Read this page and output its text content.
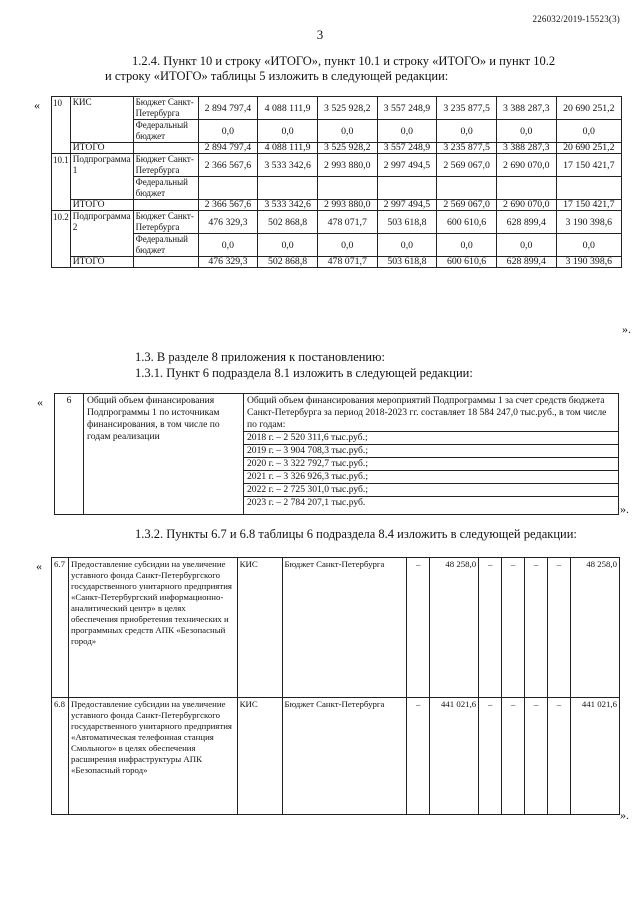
226032/2019-15523(3)
3
1.2.4. Пункт 10 и строку «ИТОГО», пункт 10.1 и строку «ИТОГО» и пункт 10.2
и строку «ИТОГО» таблицы 5 изложить в следующей редакции:
« 10	КИС	Бюджет Санкт-Петербурга	2 894 797,4	4 088 111,9	3 525 928,2	3 557 248,9	3 235 877,5	3 388 287,3	20 690 251,2
		Федеральный бюджет	0,0	0,0	0,0	0,0	0,0	0,0	0,0
	ИТОГО		2 894 797,4	4 088 111,9	3 525 928,2	3 557 248,9	3 235 877,5	3 388 287,3	20 690 251,2
10.1	Подпрограмма 1	Бюджет Санкт-Петербурга	2 366 567,6	3 533 342,6	2 993 880,0	2 997 494,5	2 569 067,0	2 690 070,0	17 150 421,7
		Федеральный бюджет							
	ИТОГО		2 366 567,6	3 533 342,6	2 993 880,0	2 997 494,5	2 569 067,0	2 690 070,0	17 150 421,7
10.2	Подпрограмма 2	Бюджет Санкт-Петербурга	476 329,3	502 868,8	478 071,7	503 618,8	600 610,6	628 899,4	3 190 398,6
		Федеральный бюджет	0,0	0,0	0,0	0,0	0,0	0,0	0,0
	ИТОГО		476 329,3	502 868,8	478 071,7	503 618,8	600 610,6	628 899,4	3 190 398,6
».
1.3. В разделе 8 приложения к постановлению:
1.3.1. Пункт 6 подраздела 8.1 изложить в следующей редакции:
« 6	Общий объем финансирования Подпрограммы 1 по источникам финансирования, в том числе по годам реализации	
Общий объем финансирования мероприятий Подпрограммы 1 за счет средств бюджета Санкт-Петербурга за период 2018-2023 гг. составляет 18 584 247,0 тыс.руб., в том числе по годам:
2018 г. – 2 520 311,6 тыс.руб.;
2019 г. – 3 904 708,3 тыс.руб.;
2020 г. – 3 322 792,7 тыс.руб.;
2021 г. – 3 326 926,3 тыс.руб.;
2022 г. – 2 725 301,0 тыс.руб.;
2023 г. – 2 784 207,1 тыс.руб.	».
1.3.2. Пункты 6.7 и 6.8 таблицы 6 подраздела 8.4 изложить в следующей редакции:
« 6.7	Предоставление субсидии на увеличение уставного фонда Санкт-Петербургского государственного унитарного предприятия «Санкт-Петербургский информационно-аналитический центр» в целях обеспечения приобретения технических и программных средств АПК «Безопасный город»	КИС	Бюджет Санкт-Петербурга	–	48 258,0	–	–	–	–	48 258,0
6.8	Предоставление субсидии на увеличение уставного фонда Санкт-Петербургского государственного унитарного предприятия «Автоматическая телефонная станция Смольного» в целях обеспечения расширения инфраструктуры АПК «Безопасный город»	КИС	Бюджет Санкт-Петербурга	–	441 021,6	–	–	–	–	441 021,6
».
